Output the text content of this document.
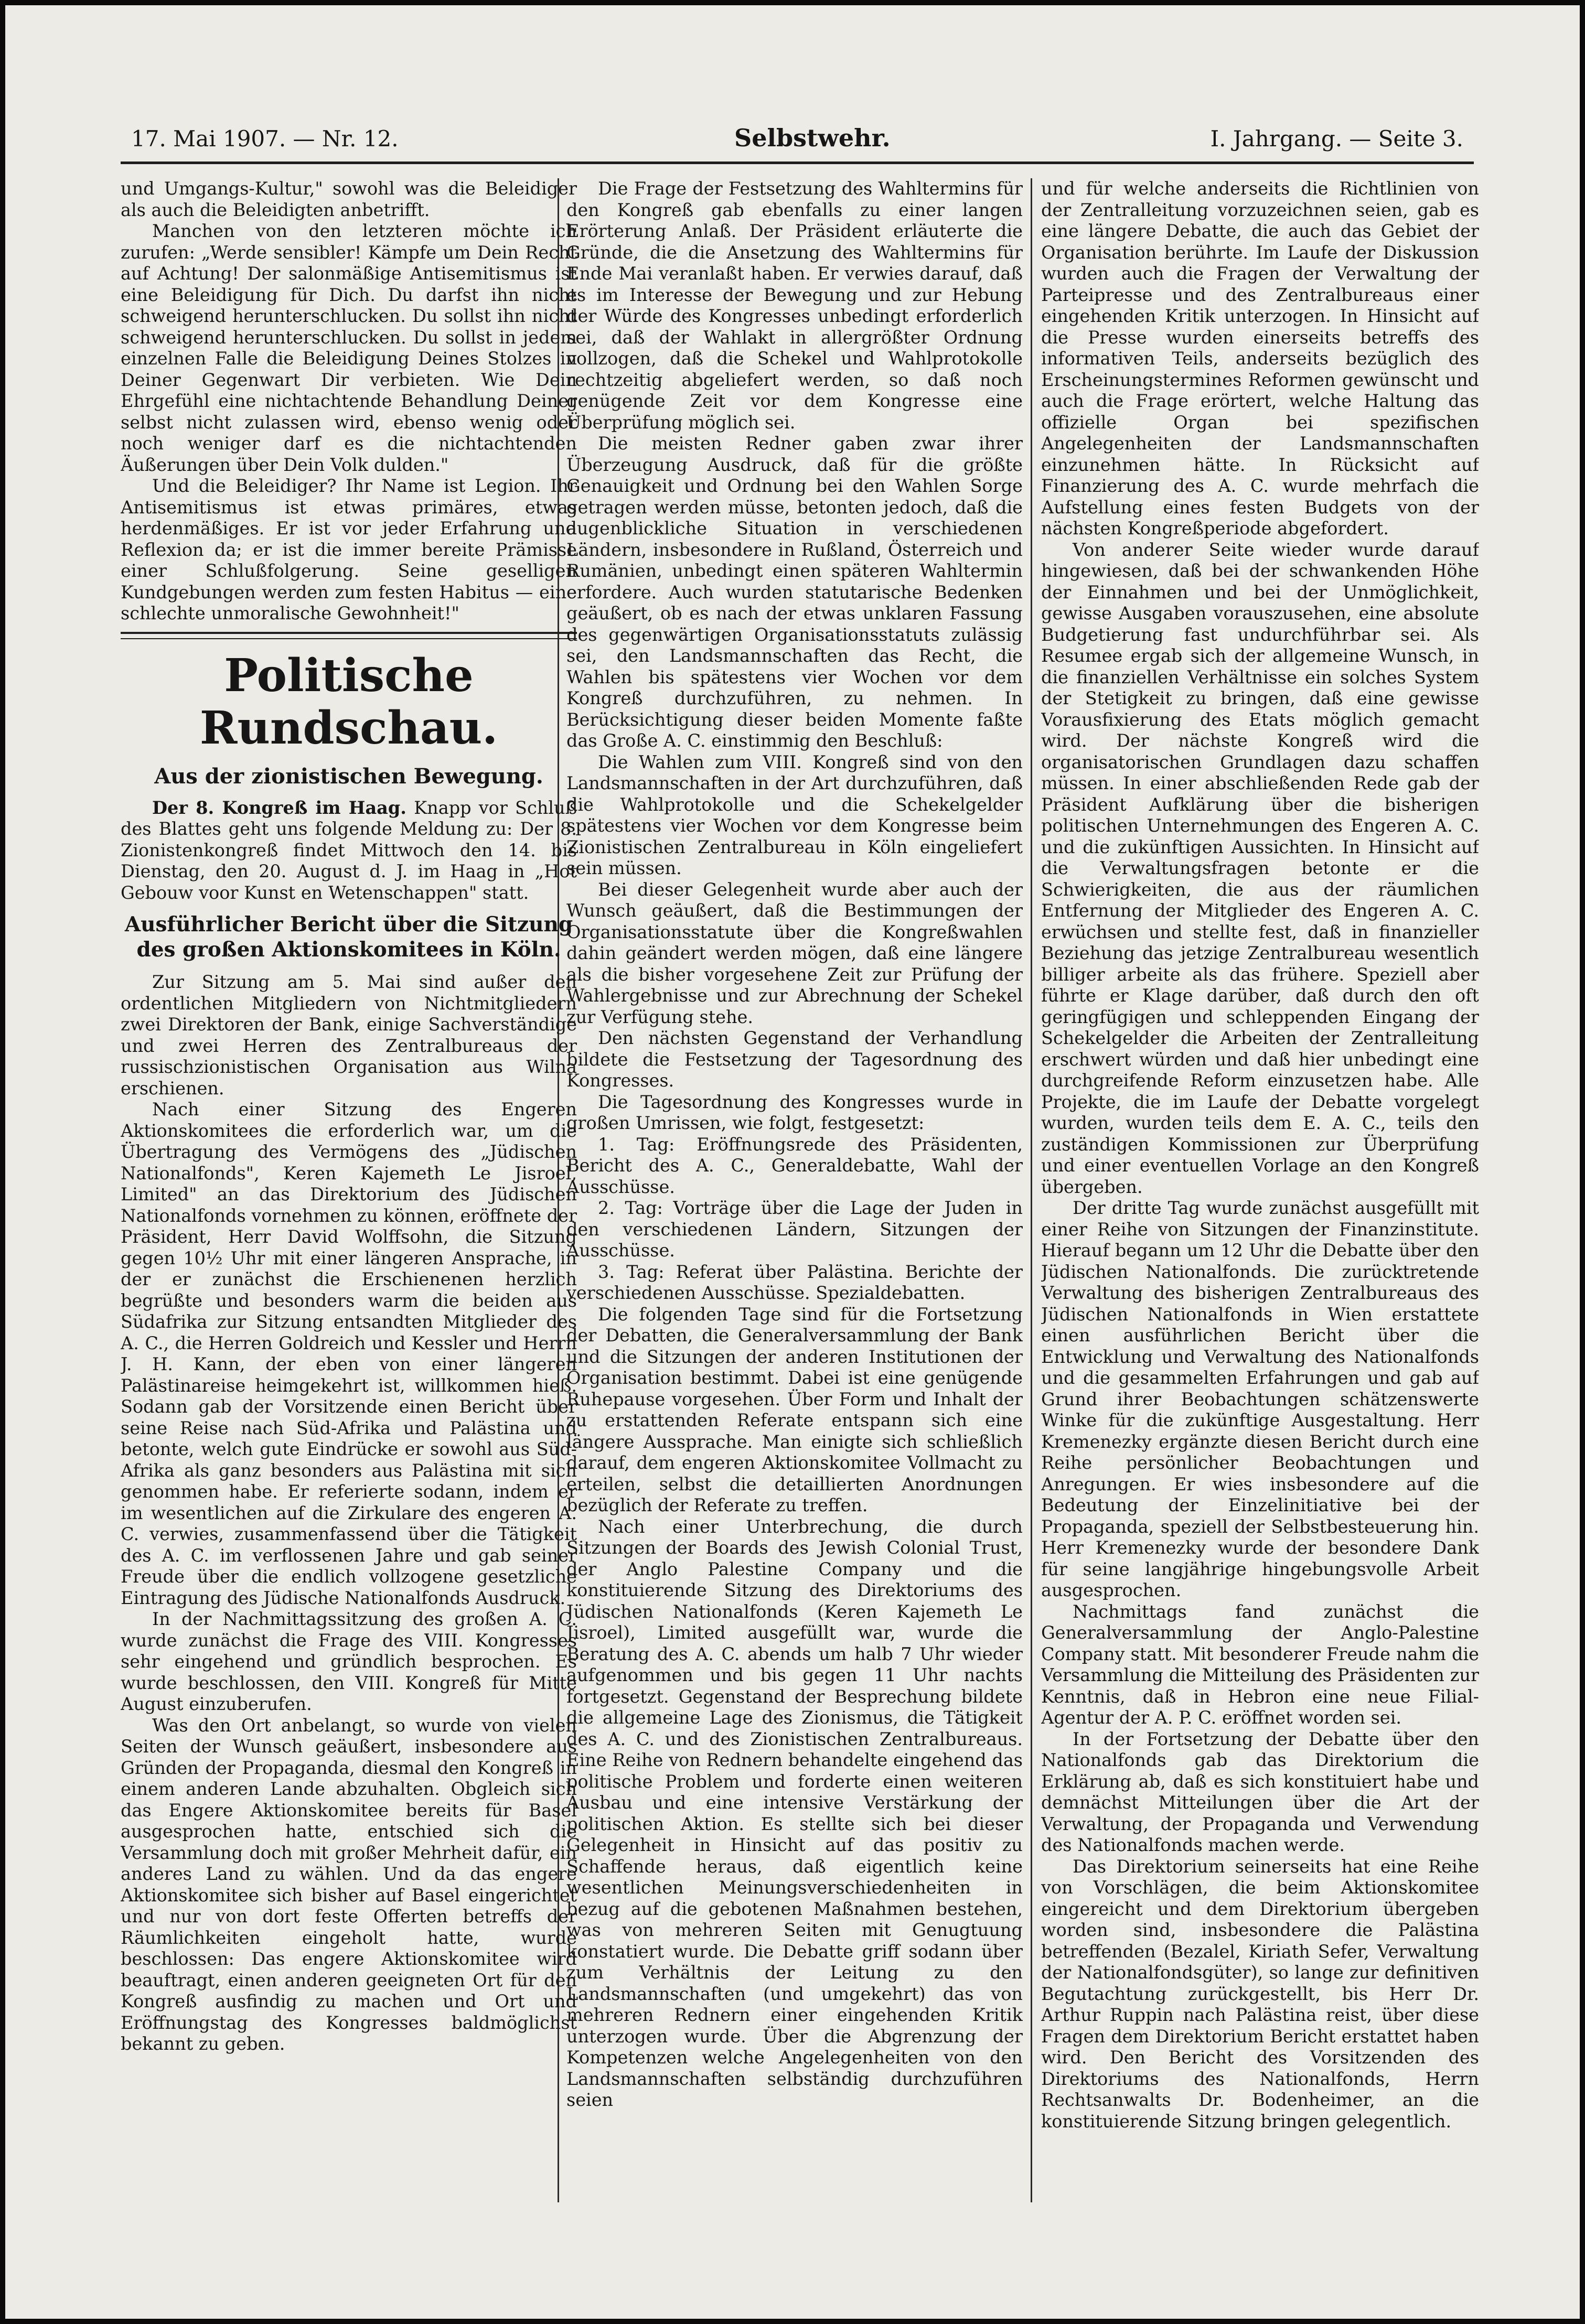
17. Mai 1907. — Nr. 12.	Selbstwehr.	I. Jahrgang. — Seite 3.

und Umgangs-Kultur," sowohl was die Beleidiger als auch die Beleidigten anbetrifft.

Manchen von den letzteren möchte ich zurufen: „Werde sensibler! Kämpfe um Dein Recht auf Achtung! Der salonmäßige Antisemitismus ist eine Beleidigung für Dich. Du darfst ihn nicht schweigend herunterschlucken. Du sollst ihn nicht schweigend herunterschlucken. Du sollst in jedem einzelnen Falle die Beleidigung Deines Stolzes in Deiner Gegenwart Dir verbieten. Wie Dein Ehrgefühl eine nichtachtende Behandlung Deiner selbst nicht zulassen wird, ebenso wenig oder noch weniger darf es die nichtachtenden Äußerungen über Dein Volk dulden."

Und die Beleidiger? Ihr Name ist Legion. Ihr Antisemitismus ist etwas primäres, etwas herdenmäßiges. Er ist vor jeder Erfahrung und Reflexion da; er ist die immer bereite Prämisse einer Schlußfolgerung. Seine geselligen Kundgebungen werden zum festen Habitus — eine schlechte unmoralische Gewohnheit!"

Politische Rundschau.
Aus der zionistischen Bewegung.

Der 8. Kongreß im Haag. Knapp vor Schluß des Blattes geht uns folgende Meldung zu: Der 8. Zionistenkongreß findet Mittwoch den 14. bis Dienstag, den 20. August d. J. im Haag in „Hot Gebouw voor Kunst en Wetenschappen" statt.

Ausführlicher Bericht über die Sitzung des großen Aktionskomitees in Köln.

Zur Sitzung am 5. Mai sind außer den ordentlichen Mitgliedern von Nichtmitgliedern zwei Direktoren der Bank, einige Sachverständige und zwei Herren des Zentralbureaus der russischzionistischen Organisation aus Wilna erschienen.

Nach einer Sitzung des Engeren Aktionskomitees die erforderlich war, um die Übertragung des Vermögens des „Jüdischen Nationalfonds", Keren Kajemeth Le Jisroel, Limited" an das Direktorium des Jüdischen Nationalfonds vornehmen zu können, eröffnete der Präsident, Herr David Wolffsohn, die Sitzung gegen 10½ Uhr mit einer längeren Ansprache, in der er zunächst die Erschienenen herzlich begrüßte und besonders warm die beiden aus Südafrika zur Sitzung entsandten Mitglieder des A. C., die Herren Goldreich und Kessler und Herrn J. H. Kann, der eben von einer längeren Palästinareise heimgekehrt ist, willkommen hieß. Sodann gab der Vorsitzende einen Bericht über seine Reise nach Süd-Afrika und Palästina und betonte, welch gute Eindrücke er sowohl aus Süd-Afrika als ganz besonders aus Palästina mit sich genommen habe. Er referierte sodann, indem er im wesentlichen auf die Zirkulare des engeren A. C. verwies, zusammenfassend über die Tätigkeit des A. C. im verflossenen Jahre und gab seiner Freude über die endlich vollzogene gesetzliche Eintragung des Jüdische Nationalfonds Ausdruck.

In der Nachmittagssitzung des großen A. C. wurde zunächst die Frage des VIII. Kongresses sehr eingehend und gründlich besprochen. Es wurde beschlossen, den VIII. Kongreß für Mitte August einzuberufen.

Was den Ort anbelangt, so wurde von vielen Seiten der Wunsch geäußert, insbesondere aus Gründen der Propaganda, diesmal den Kongreß in einem anderen Lande abzuhalten. Obgleich sich das Engere Aktionskomitee bereits für Basel ausgesprochen hatte, entschied sich die Versammlung doch mit großer Mehrheit dafür, ein anderes Land zu wählen. Und da das engere Aktionskomitee sich bisher auf Basel eingerichtet und nur von dort feste Offerten betreffs der Räumlichkeiten eingeholt hatte, wurde beschlossen: Das engere Aktionskomitee wird beauftragt, einen anderen geeigneten Ort für den Kongreß ausfindig zu machen und Ort und Eröffnungstag des Kongresses baldmöglichst bekannt zu geben.

Die Frage der Festsetzung des Wahltermins für den Kongreß gab ebenfalls zu einer langen Erörterung Anlaß. Der Präsident erläuterte die Gründe, die die Ansetzung des Wahltermins für Ende Mai veranlaßt haben. Er verwies darauf, daß es im Interesse der Bewegung und zur Hebung der Würde des Kongresses unbedingt erforderlich sei, daß der Wahlakt in allergrößter Ordnung vollzogen, daß die Schekel und Wahlprotokolle rechtzeitig abgeliefert werden, so daß noch genügende Zeit vor dem Kongresse eine Überprüfung möglich sei.

Die meisten Redner gaben zwar ihrer Überzeugung Ausdruck, daß für die größte Genauigkeit und Ordnung bei den Wahlen Sorge getragen werden müsse, betonten jedoch, daß die augenblickliche Situation in verschiedenen Ländern, insbesondere in Rußland, Österreich und Rumänien, unbedingt einen späteren Wahltermin erfordere. Auch wurden statutarische Bedenken geäußert, ob es nach der etwas unklaren Fassung des gegenwärtigen Organisationsstatuts zulässig sei, den Landsmannschaften das Recht, die Wahlen bis spätestens vier Wochen vor dem Kongreß durchzuführen, zu nehmen. In Berücksichtigung dieser beiden Momente faßte das Große A. C. einstimmig den Beschluß:

Die Wahlen zum VIII. Kongreß sind von den Landsmannschaften in der Art durchzuführen, daß die Wahlprotokolle und die Schekelgelder spätestens vier Wochen vor dem Kongresse beim Zionistischen Zentralbureau in Köln eingeliefert sein müssen.

Bei dieser Gelegenheit wurde aber auch der Wunsch geäußert, daß die Bestimmungen der Organisationsstatute über die Kongreßwahlen dahin geändert werden mögen, daß eine längere als die bisher vorgesehene Zeit zur Prüfung der Wahlergebnisse und zur Abrechnung der Schekel zur Verfügung stehe.

Den nächsten Gegenstand der Verhandlung bildete die Festsetzung der Tagesordnung des Kongresses.

Die Tagesordnung des Kongresses wurde in großen Umrissen, wie folgt, festgesetzt:

1. Tag: Eröffnungsrede des Präsidenten, Bericht des A. C., Generaldebatte, Wahl der Ausschüsse.

2. Tag: Vorträge über die Lage der Juden in den verschiedenen Ländern, Sitzungen der Ausschüsse.

3. Tag: Referat über Palästina. Berichte der verschiedenen Ausschüsse. Spezialdebatten.

Die folgenden Tage sind für die Fortsetzung der Debatten, die Generalversammlung der Bank und die Sitzungen der anderen Institutionen der Organisation bestimmt. Dabei ist eine genügende Ruhepause vorgesehen. Über Form und Inhalt der zu erstattenden Referate entspann sich eine längere Aussprache. Man einigte sich schließlich darauf, dem engeren Aktionskomitee Vollmacht zu erteilen, selbst die detaillierten Anordnungen bezüglich der Referate zu treffen.

Nach einer Unterbrechung, die durch Sitzungen der Boards des Jewish Colonial Trust, der Anglo Palestine Company und die konstituierende Sitzung des Direktoriums des Jüdischen Nationalfonds (Keren Kajemeth Le Jisroel), Limited ausgefüllt war, wurde die Beratung des A. C. abends um halb 7 Uhr wieder aufgenommen und bis gegen 11 Uhr nachts fortgesetzt. Gegenstand der Besprechung bildete die allgemeine Lage des Zionismus, die Tätigkeit des A. C. und des Zionistischen Zentralbureaus. Eine Reihe von Rednern behandelte eingehend das politische Problem und forderte einen weiteren Ausbau und eine intensive Verstärkung der politischen Aktion. Es stellte sich bei dieser Gelegenheit in Hinsicht auf das positiv zu Schaffende heraus, daß eigentlich keine wesentlichen Meinungsverschiedenheiten in bezug auf die gebotenen Maßnahmen bestehen, was von mehreren Seiten mit Genugtuung konstatiert wurde. Die Debatte griff sodann über zum Verhältnis der Leitung zu den Landsmannschaften (und umgekehrt) das von mehreren Rednern einer eingehenden Kritik unterzogen wurde. Über die Abgrenzung der Kompetenzen welche Angelegenheiten von den Landsmannschaften selbständig durchzuführen seien

und für welche anderseits die Richtlinien von der Zentralleitung vorzuzeichnen seien, gab es eine längere Debatte, die auch das Gebiet der Organisation berührte. Im Laufe der Diskussion wurden auch die Fragen der Verwaltung der Parteipresse und des Zentralbureaus einer eingehenden Kritik unterzogen. In Hinsicht auf die Presse wurden einerseits betreffs des informativen Teils, anderseits bezüglich des Erscheinungstermines Reformen gewünscht und auch die Frage erörtert, welche Haltung das offizielle Organ bei spezifischen Angelegenheiten der Landsmannschaften einzunehmen hätte. In Rücksicht auf Finanzierung des A. C. wurde mehrfach die Aufstellung eines festen Budgets von der nächsten Kongreßperiode abgefordert.

Von anderer Seite wieder wurde darauf hingewiesen, daß bei der schwankenden Höhe der Einnahmen und bei der Unmöglichkeit, gewisse Ausgaben vorauszusehen, eine absolute Budgetierung fast undurchführbar sei. Als Resumee ergab sich der allgemeine Wunsch, in die finanziellen Verhältnisse ein solches System der Stetigkeit zu bringen, daß eine gewisse Vorausfixierung des Etats möglich gemacht wird. Der nächste Kongreß wird die organisatorischen Grundlagen dazu schaffen müssen. In einer abschließenden Rede gab der Präsident Aufklärung über die bisherigen politischen Unternehmungen des Engeren A. C. und die zukünftigen Aussichten. In Hinsicht auf die Verwaltungsfragen betonte er die Schwierigkeiten, die aus der räumlichen Entfernung der Mitglieder des Engeren A. C. erwüchsen und stellte fest, daß in finanzieller Beziehung das jetzige Zentralbureau wesentlich billiger arbeite als das frühere. Speziell aber führte er Klage darüber, daß durch den oft geringfügigen und schleppenden Eingang der Schekelgelder die Arbeiten der Zentralleitung erschwert würden und daß hier unbedingt eine durchgreifende Reform einzusetzen habe. Alle Projekte, die im Laufe der Debatte vorgelegt wurden, wurden teils dem E. A. C., teils den zuständigen Kommissionen zur Überprüfung und einer eventuellen Vorlage an den Kongreß übergeben.

Der dritte Tag wurde zunächst ausgefüllt mit einer Reihe von Sitzungen der Finanzinstitute. Hierauf begann um 12 Uhr die Debatte über den Jüdischen Nationalfonds. Die zurücktretende Verwaltung des bisherigen Zentralbureaus des Jüdischen Nationalfonds in Wien erstattete einen ausführlichen Bericht über die Entwicklung und Verwaltung des Nationalfonds und die gesammelten Erfahrungen und gab auf Grund ihrer Beobachtungen schätzenswerte Winke für die zukünftige Ausgestaltung. Herr Kremenezky ergänzte diesen Bericht durch eine Reihe persönlicher Beobachtungen und Anregungen. Er wies insbesondere auf die Bedeutung der Einzelinitiative bei der Propaganda, speziell der Selbstbesteuerung hin. Herr Kremenezky wurde der besondere Dank für seine langjährige hingebungsvolle Arbeit ausgesprochen.

Nachmittags fand zunächst die Generalversammlung der Anglo-Palestine Company statt. Mit besonderer Freude nahm die Versammlung die Mitteilung des Präsidenten zur Kenntnis, daß in Hebron eine neue Filial-Agentur der A. P. C. eröffnet worden sei.

In der Fortsetzung der Debatte über den Nationalfonds gab das Direktorium die Erklärung ab, daß es sich konstituiert habe und demnächst Mitteilungen über die Art der Verwaltung, der Propaganda und Verwendung des Nationalfonds machen werde.

Das Direktorium seinerseits hat eine Reihe von Vorschlägen, die beim Aktionskomitee eingereicht und dem Direktorium übergeben worden sind, insbesondere die Palästina betreffenden (Bezalel, Kiriath Sefer, Verwaltung der Nationalfondsgüter), so lange zur definitiven Begutachtung zurückgestellt, bis Herr Dr. Arthur Ruppin nach Palästina reist, über diese Fragen dem Direktorium Bericht erstattet haben wird. Den Bericht des Vorsitzenden des Direktoriums des Nationalfonds, Herrn Rechtsanwalts Dr. Bodenheimer, an die konstituierende Sitzung bringen gelegentlich.
